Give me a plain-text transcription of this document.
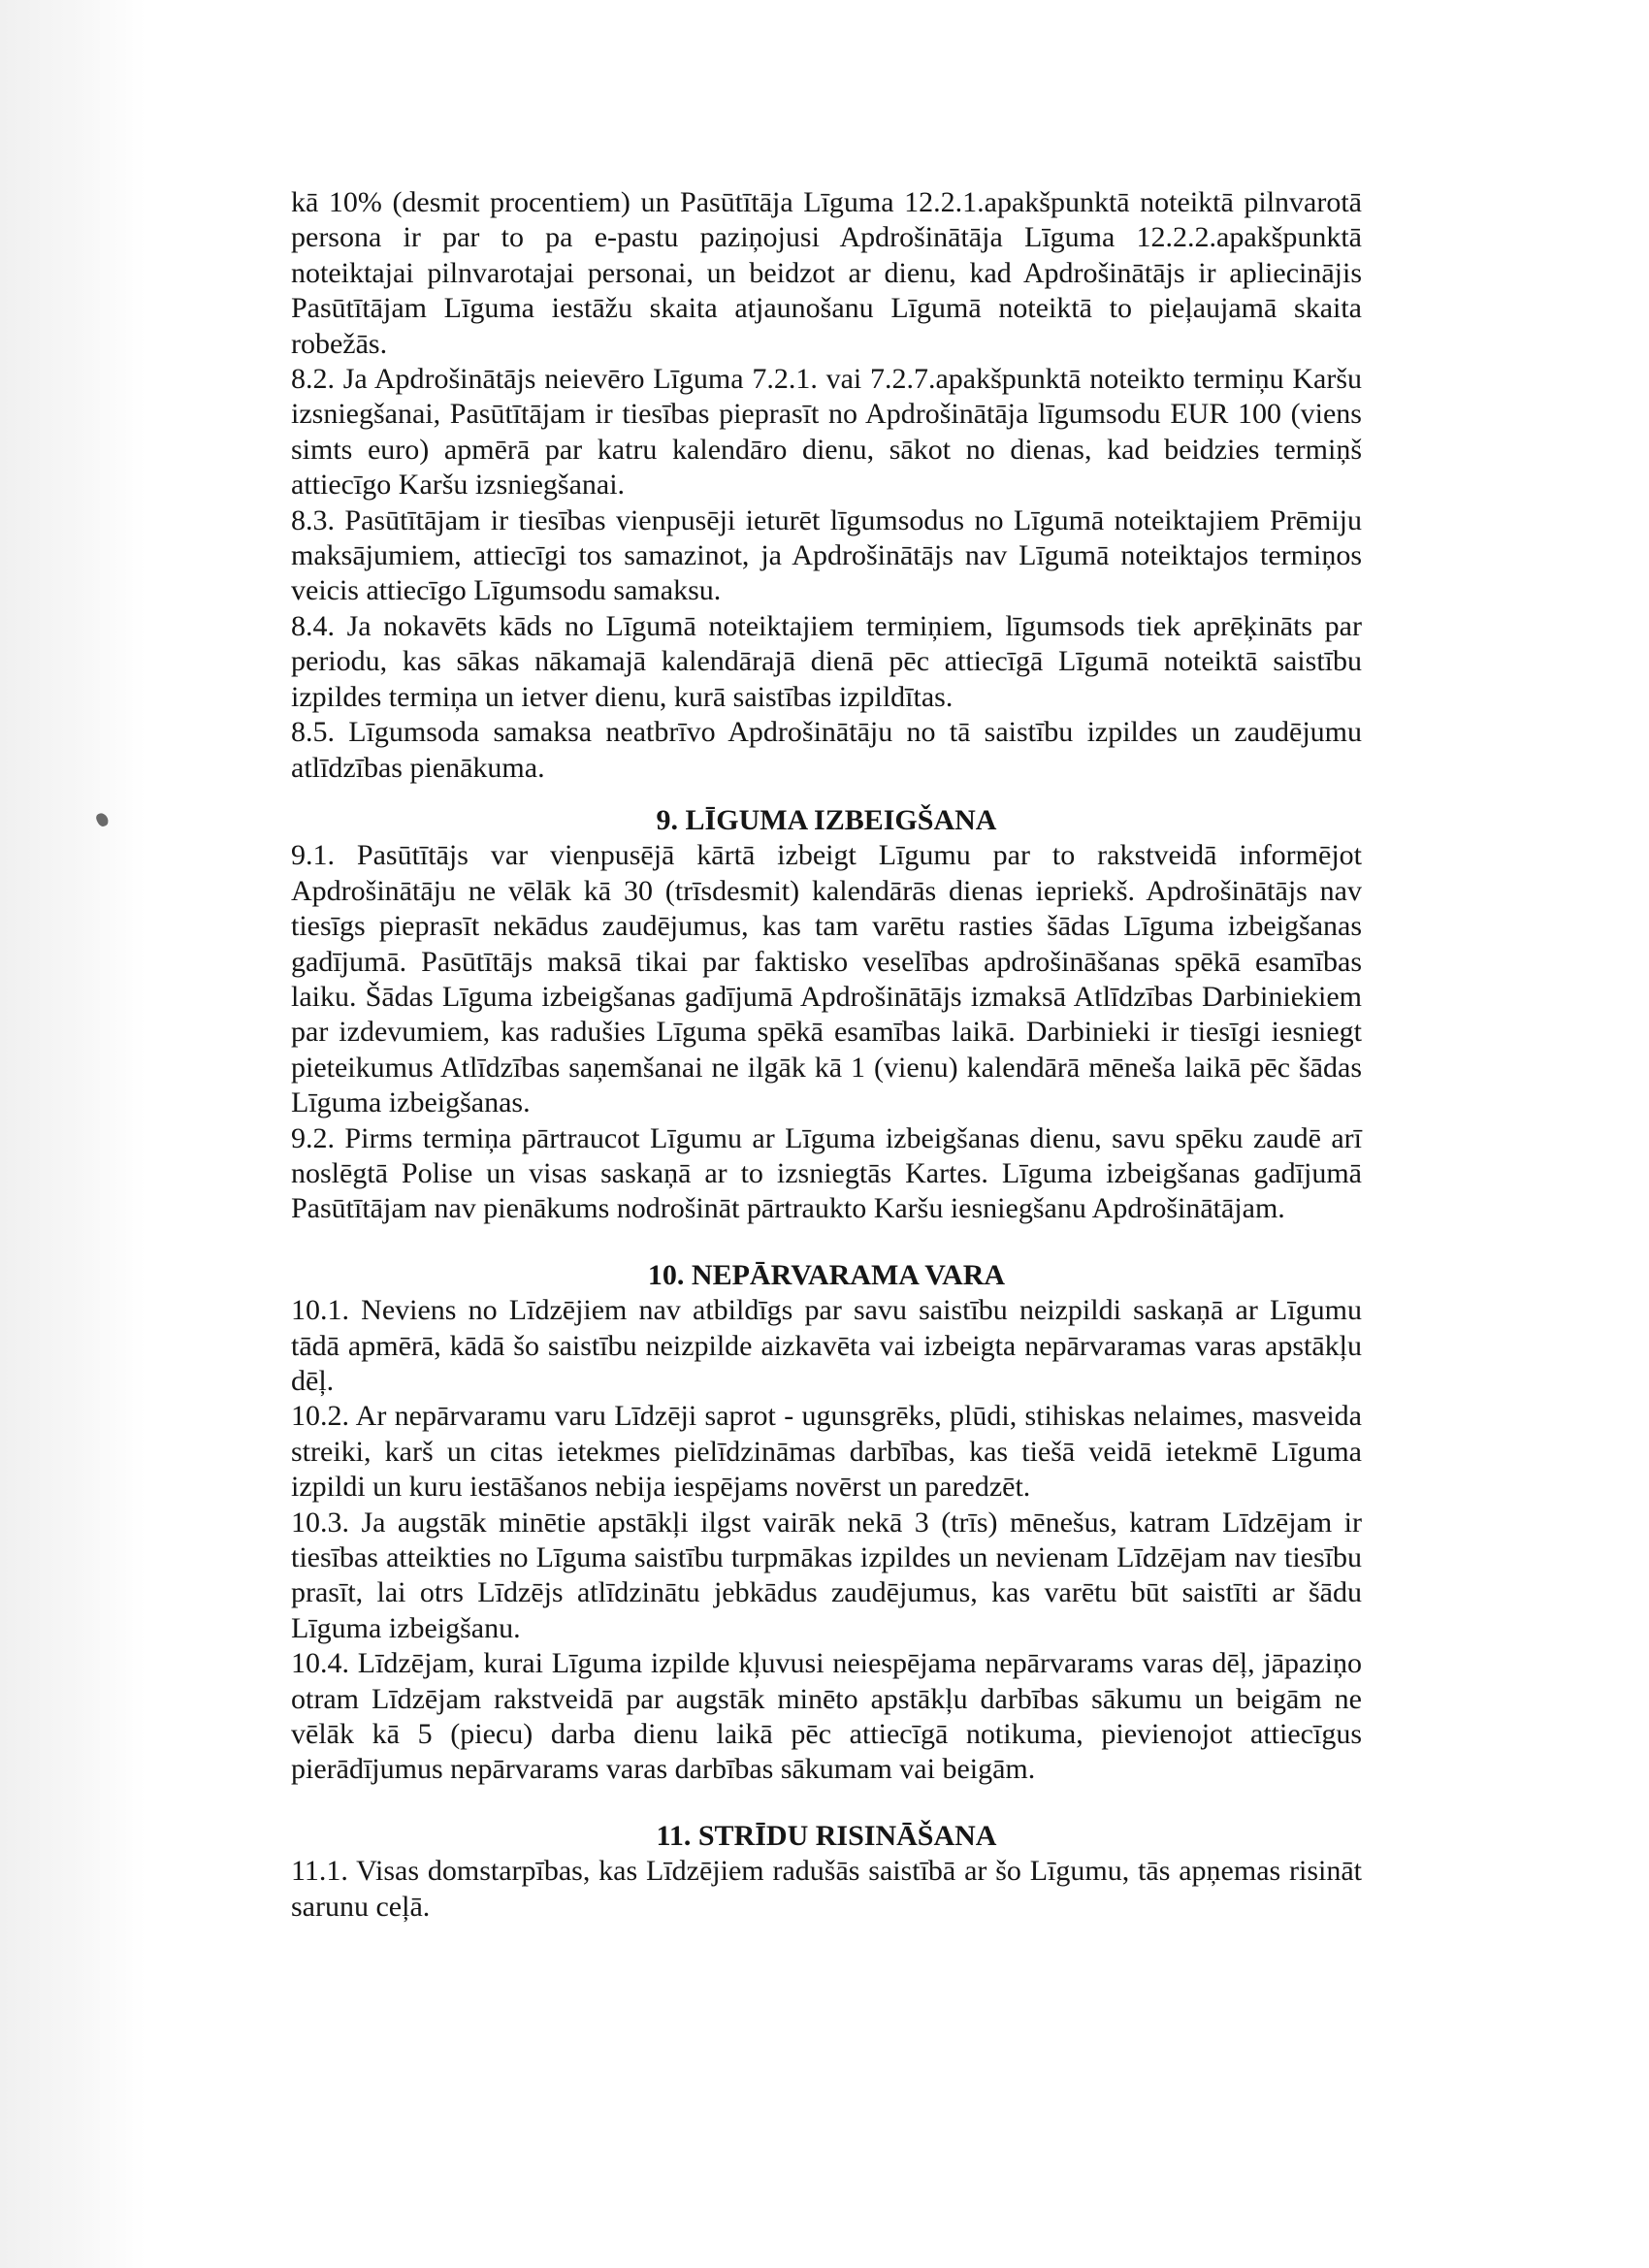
kā 10% (desmit procentiem) un Pasūtītāja Līguma 12.2.1.apakšpunktā noteiktā pilnvarotā persona ir par to pa e-pastu paziņojusi Apdrošinātāja Līguma 12.2.2.apakšpunktā noteiktajai pilnvarotajai personai, un beidzot ar dienu, kad Apdrošinātājs ir apliecinājis Pasūtītājam Līguma iestāžu skaita atjaunošanu Līgumā noteiktā to pieļaujamā skaita robežās.

8.2. Ja Apdrošinātājs neievēro Līguma 7.2.1. vai 7.2.7.apakšpunktā noteikto termiņu Karšu izsniegšanai, Pasūtītājam ir tiesības pieprasīt no Apdrošinātāja līgumsodu EUR 100 (viens simts euro) apmērā par katru kalendāro dienu, sākot no dienas, kad beidzies termiņš attiecīgo Karšu izsniegšanai.

8.3. Pasūtītājam ir tiesības vienpusēji ieturēt līgumsodus no Līgumā noteiktajiem Prēmiju maksājumiem, attiecīgi tos samazinot, ja Apdrošinātājs nav Līgumā noteiktajos termiņos veicis attiecīgo Līgumsodu samaksu.

8.4. Ja nokavēts kāds no Līgumā noteiktajiem termiņiem, līgumsods tiek aprēķināts par periodu, kas sākas nākamajā kalendārajā dienā pēc attiecīgā Līgumā noteiktā saistību izpildes termiņa un ietver dienu, kurā saistības izpildītas.

8.5. Līgumsoda samaksa neatbrīvo Apdrošinātāju no tā saistību izpildes un zaudējumu atlīdzības pienākuma.

9. LĪGUMA IZBEIGŠANA

9.1. Pasūtītājs var vienpusējā kārtā izbeigt Līgumu par to rakstveidā informējot Apdrošinātāju ne vēlāk kā 30 (trīsdesmit) kalendārās dienas iepriekš. Apdrošinātājs nav tiesīgs pieprasīt nekādus zaudējumus, kas tam varētu rasties šādas Līguma izbeigšanas gadījumā. Pasūtītājs maksā tikai par faktisko veselības apdrošināšanas spēkā esamības laiku. Šādas Līguma izbeigšanas gadījumā Apdrošinātājs izmaksā Atlīdzības Darbiniekiem par izdevumiem, kas radušies Līguma spēkā esamības laikā. Darbinieki ir tiesīgi iesniegt pieteikumus Atlīdzības saņemšanai ne ilgāk kā 1 (vienu) kalendārā mēneša laikā pēc šādas Līguma izbeigšanas.

9.2. Pirms termiņa pārtraucot Līgumu ar Līguma izbeigšanas dienu, savu spēku zaudē arī noslēgtā Polise un visas saskaņā ar to izsniegtās Kartes. Līguma izbeigšanas gadījumā Pasūtītājam nav pienākums nodrošināt pārtraukto Karšu iesniegšanu Apdrošinātājam.

10. NEPĀRVARAMA VARA

10.1. Neviens no Līdzējiem nav atbildīgs par savu saistību neizpildi saskaņā ar Līgumu tādā apmērā, kādā šo saistību neizpilde aizkavēta vai izbeigta nepārvaramas varas apstākļu dēļ.

10.2. Ar nepārvaramu varu Līdzēji saprot - ugunsgrēks, plūdi, stihiskas nelaimes, masveida streiki, karš un citas ietekmes pielīdzināmas darbības, kas tiešā veidā ietekmē Līguma izpildi un kuru iestāšanos nebija iespējams novērst un paredzēt.

10.3. Ja augstāk minētie apstākļi ilgst vairāk nekā 3 (trīs) mēnešus, katram Līdzējam ir tiesības atteikties no Līguma saistību turpmākas izpildes un nevienam Līdzējam nav tiesību prasīt, lai otrs Līdzējs atlīdzinātu jebkādus zaudējumus, kas varētu būt saistīti ar šādu Līguma izbeigšanu.

10.4. Līdzējam, kurai Līguma izpilde kļuvusi neiespējama nepārvarams varas dēļ, jāpaziņo otram Līdzējam rakstveidā par augstāk minēto apstākļu darbības sākumu un beigām ne vēlāk kā 5 (piecu) darba dienu laikā pēc attiecīgā notikuma, pievienojot attiecīgus pierādījumus nepārvarams varas darbības sākumam vai beigām.

11. STRĪDU RISINĀŠANA

11.1. Visas domstarpības, kas Līdzējiem radušās saistībā ar šo Līgumu, tās apņemas risināt sarunu ceļā.
